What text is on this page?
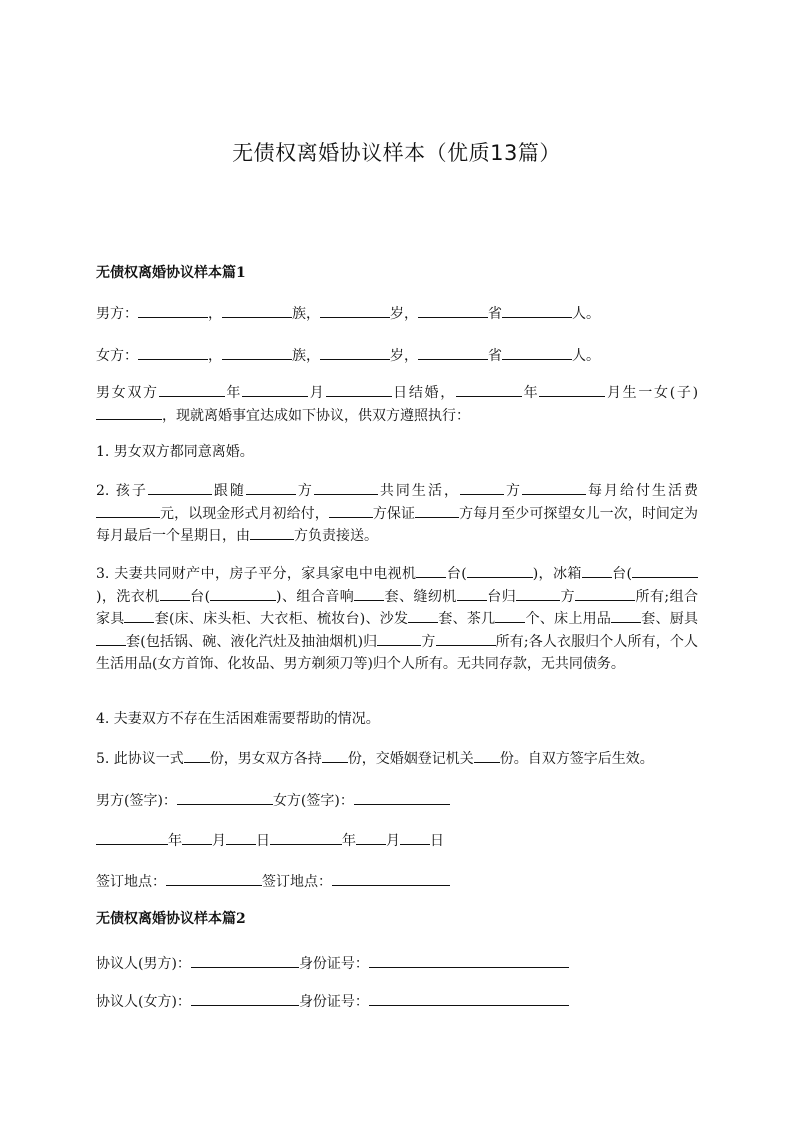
无债权离婚协议样本（优质13篇）
无债权离婚协议样本篇1
男方：	，	族，	岁，	省	人。
女方：	，	族，	岁，	省	人。
男女双方	年	月	日结婚，	年	月生一女(子)，现就离婚事宜达成如下协议，供双方遵照执行：
1. 男女双方都同意离婚。
2. 孩子	跟随	方	共同生活，	方	每月给付生活费元，以现金形式月初给付，	方保证	方每月至少可探望女儿一次，时间定为每月最后一个星期日，由	方负责接送。
3. 夫妻共同财产中，房子平分，家具家电中电视机 台(	)，冰箱 台()，洗衣机 台(	)、组合音响 套、缝纫机 台归	方	所有;组合家具 套(床、床头柜、大衣柜、梳妆台)、沙发 套、茶几 个、床上用品 套、厨具套(包括锅、碗、液化汽灶及抽油烟机)归	方	所有;各人衣服归个人所有，个人生活用品(女方首饰、化妆品、男方剃须刀等)归个人所有。无共同存款，无共同债务。
4. 夫妻双方不存在生活困难需要帮助的情况。
5. 此协议一式 份，男女双方各持 份，交婚姻登记机关 份。自双方签字后生效。
男方(签字)：	女方(签字)：
年 月 日	年 月 日
签订地点：	签订地点：
无债权离婚协议样本篇2
协议人(男方)：	身份证号：
协议人(女方)：	身份证号：
